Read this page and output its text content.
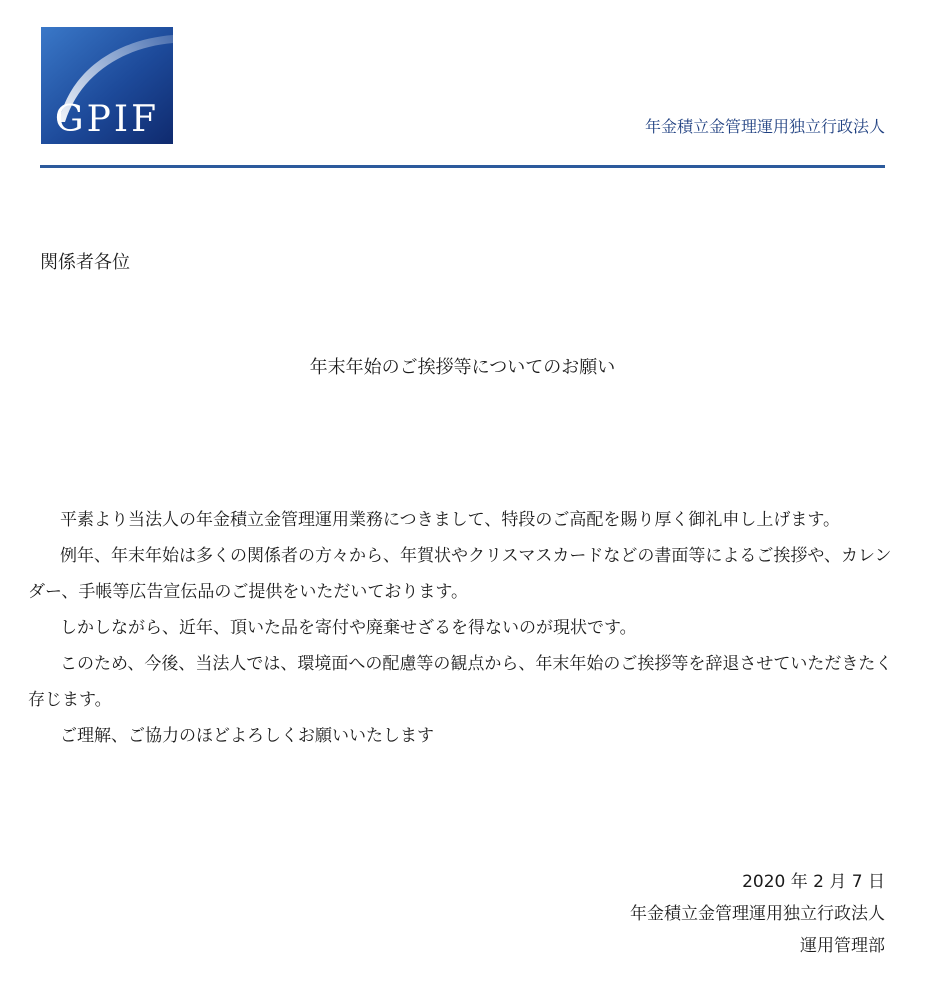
GPIF	年金積立金管理運用独立行政法人
関係者各位
年末年始のご挨拶等についてのお願い

平素より当法人の年金積立金管理運用業務につきまして、特段のご高配を賜り厚く御礼申し上げます。

例年、年末年始は多くの関係者の方々から、年賀状やクリスマスカードなどの書面等によるご挨拶や、カレンダー、手帳等広告宣伝品のご提供をいただいております。

しかしながら、近年、頂いた品を寄付や廃棄せざるを得ないのが現状です。

このため、今後、当法人では、環境面への配慮等の観点から、年末年始のご挨拶等を辞退させていただきたく存じます。

ご理解、ご協力のほどよろしくお願いいたします

2020 年 2 月 7 日
年金積立金管理運用独立行政法人
運用管理部
